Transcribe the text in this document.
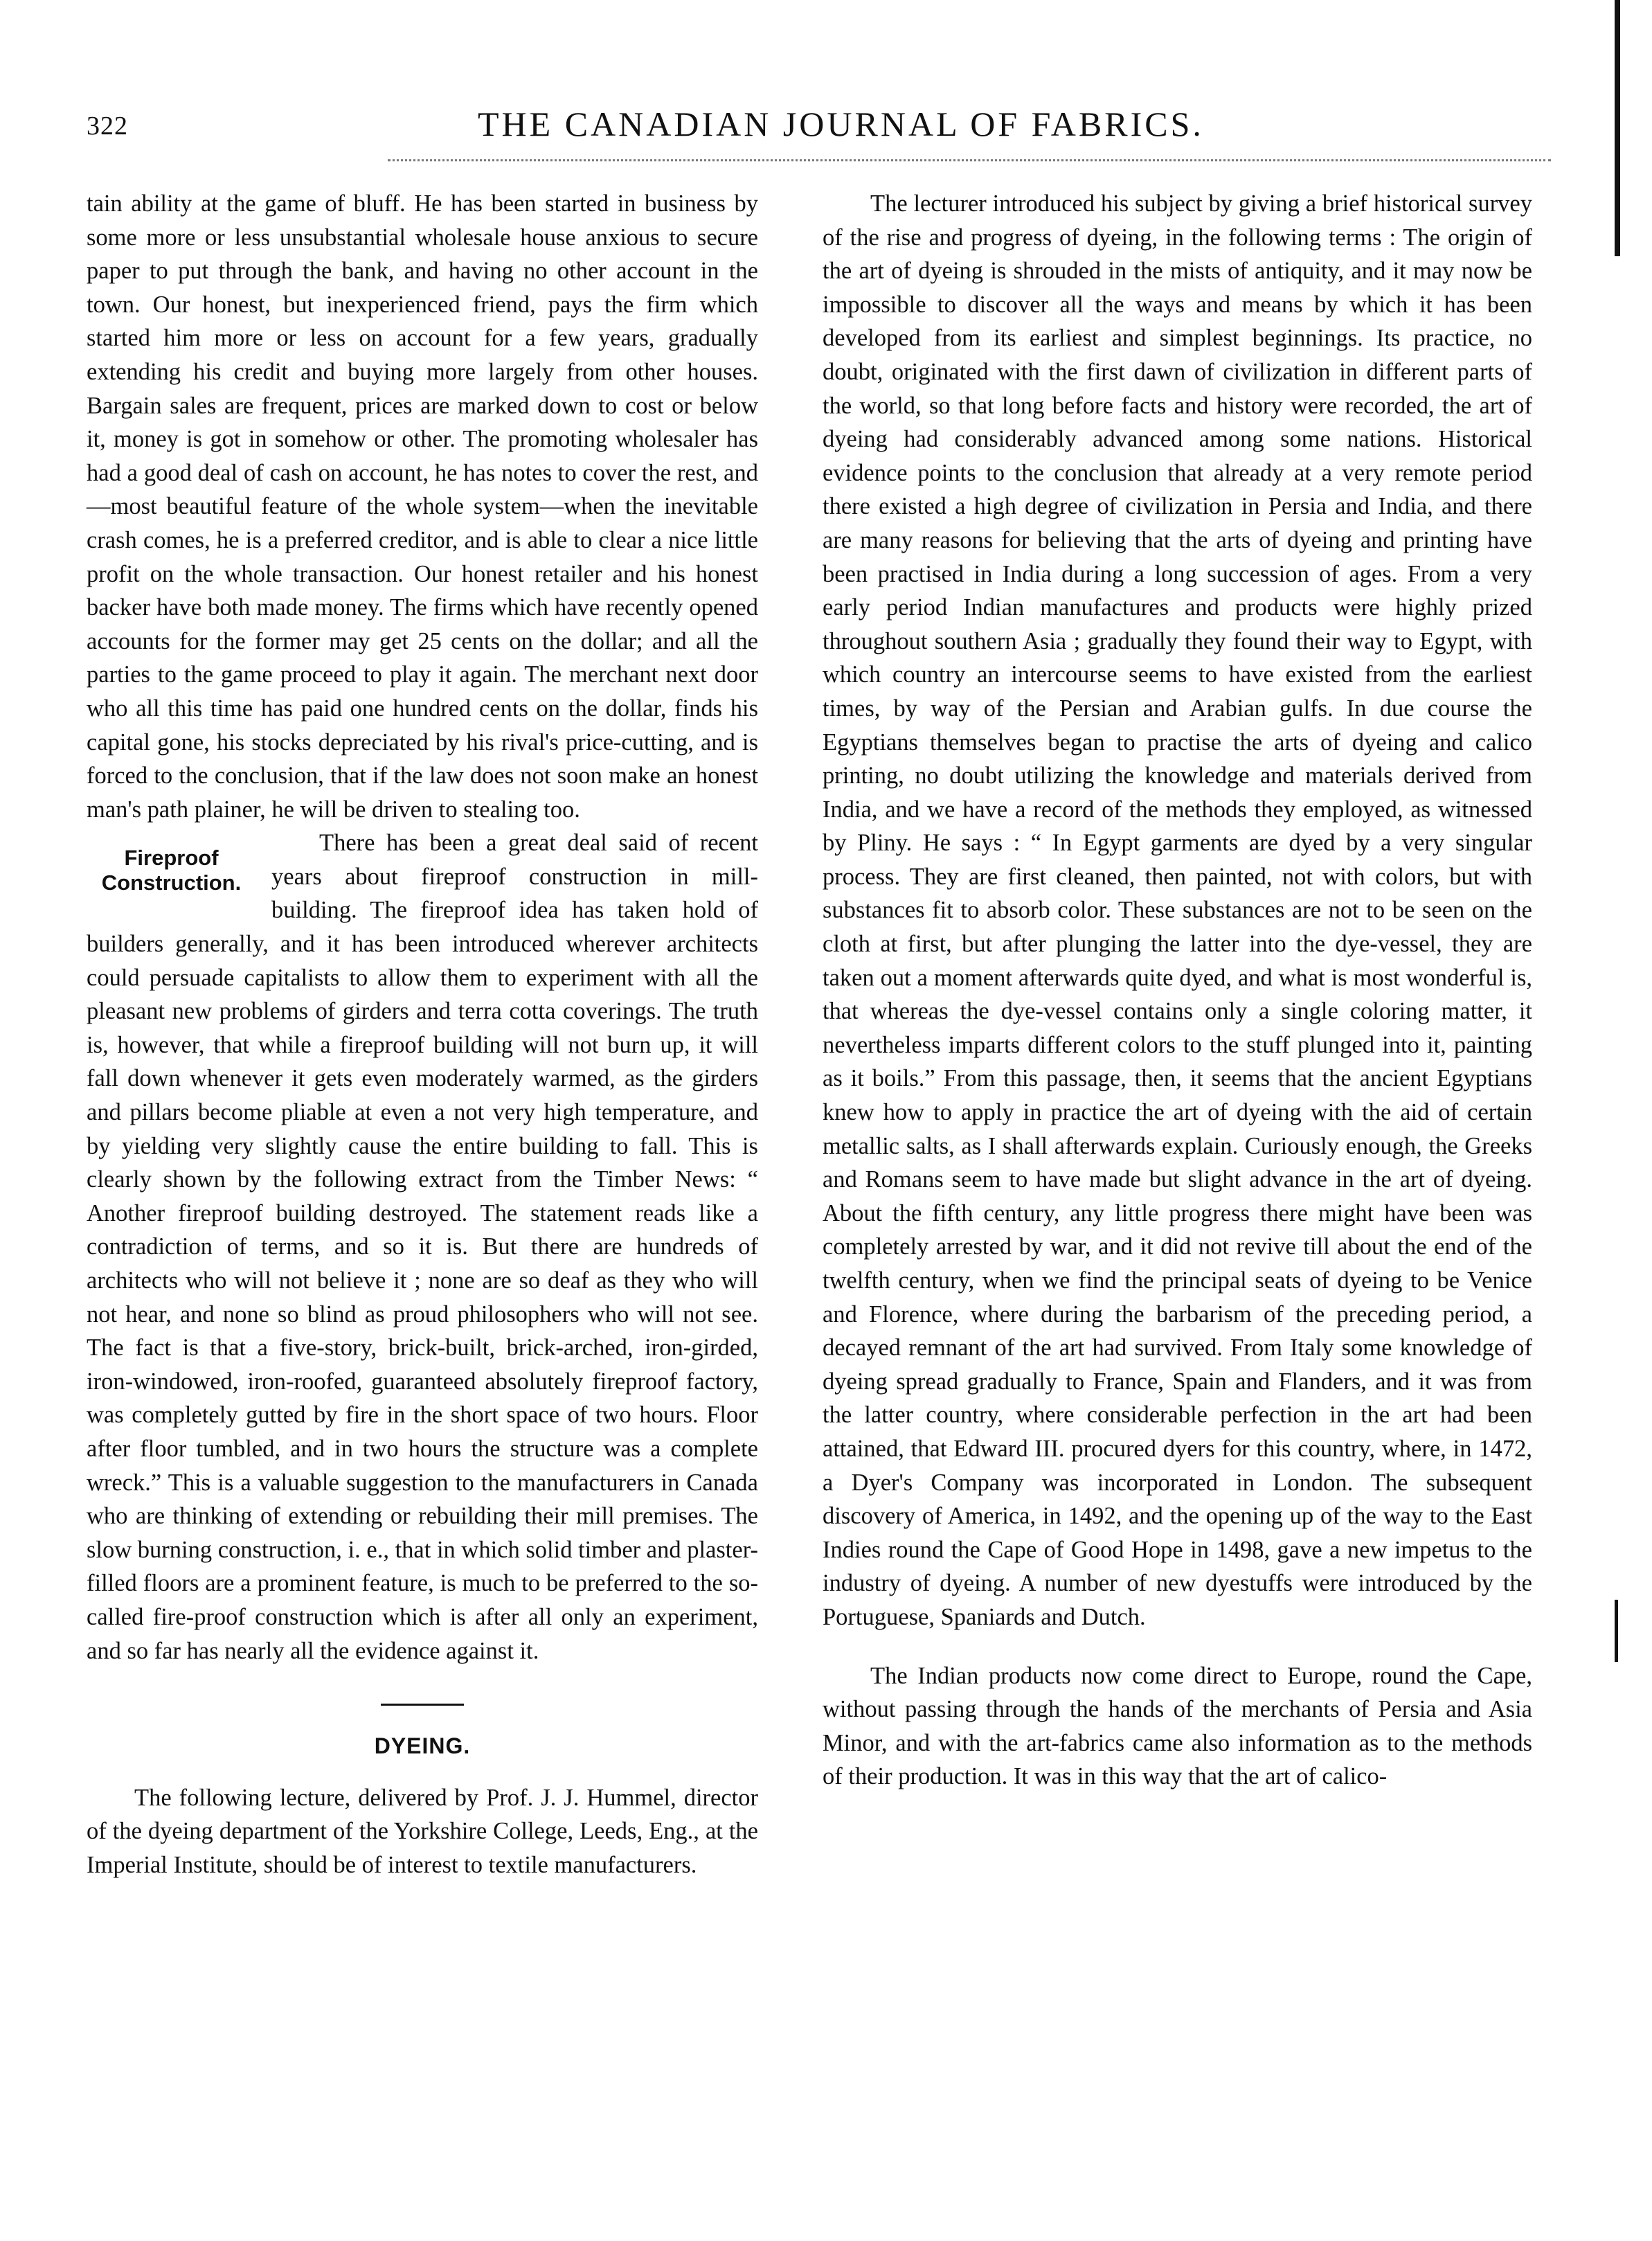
322	THE CANADIAN JOURNAL OF FABRICS.

tain ability at the game of bluff. He has been started in business by some more or less unsubstantial wholesale house anxious to secure paper to put through the bank, and having no other account in the town. Our honest, but inexperienced friend, pays the firm which started him more or less on account for a few years, gradually extending his credit and buying more largely from other houses. Bargain sales are frequent, prices are marked down to cost or below it, money is got in somehow or other. The promoting wholesaler has had a good deal of cash on account, he has notes to cover the rest, and—most beautiful feature of the whole system—when the inevitable crash comes, he is a preferred creditor, and is able to clear a nice little profit on the whole transaction. Our honest retailer and his honest backer have both made money. The firms which have recently opened accounts for the former may get 25 cents on the dollar; and all the parties to the game proceed to play it again. The merchant next door who all this time has paid one hundred cents on the dollar, finds his capital gone, his stocks depreciated by his rival's price-cutting, and is forced to the conclusion, that if the law does not soon make an honest man's path plainer, he will be driven to stealing too.

Fireproof Construction.

There has been a great deal said of recent years about fireproof construction in mill-building. The fireproof idea has taken hold of builders generally, and it has been introduced wherever architects could persuade capitalists to allow them to experiment with all the pleasant new problems of girders and terra cotta coverings. The truth is, however, that while a fireproof building will not burn up, it will fall down whenever it gets even moderately warmed, as the girders and pillars become pliable at even a not very high temperature, and by yielding very slightly cause the entire building to fall. This is clearly shown by the following extract from the Timber News: “ Another fireproof building destroyed. The statement reads like a contradiction of terms, and so it is. But there are hundreds of architects who will not believe it ; none are so deaf as they who will not hear, and none so blind as proud philosophers who will not see. The fact is that a five-story, brick-built, brick-arched, iron-girded, iron-windowed, iron-roofed, guaranteed absolutely fireproof factory, was completely gutted by fire in the short space of two hours. Floor after floor tumbled, and in two hours the structure was a complete wreck.” This is a valuable suggestion to the manufacturers in Canada who are thinking of extending or rebuilding their mill premises. The slow burning construction, i. e., that in which solid timber and plaster-filled floors are a prominent feature, is much to be preferred to the so-called fire-proof construction which is after all only an experiment, and so far has nearly all the evidence against it.

DYEING.

The following lecture, delivered by Prof. J. J. Hummel, director of the dyeing department of the Yorkshire College, Leeds, Eng., at the Imperial Institute, should be of interest to textile manufacturers.

The lecturer introduced his subject by giving a brief historical survey of the rise and progress of dyeing, in the following terms : The origin of the art of dyeing is shrouded in the mists of antiquity, and it may now be impossible to discover all the ways and means by which it has been developed from its earliest and simplest beginnings. Its practice, no doubt, originated with the first dawn of civilization in different parts of the world, so that long before facts and history were recorded, the art of dyeing had considerably advanced among some nations. Historical evidence points to the conclusion that already at a very remote period there existed a high degree of civilization in Persia and India, and there are many reasons for believing that the arts of dyeing and printing have been practised in India during a long succession of ages. From a very early period Indian manufactures and products were highly prized throughout southern Asia ; gradually they found their way to Egypt, with which country an intercourse seems to have existed from the earliest times, by way of the Persian and Arabian gulfs. In due course the Egyptians themselves began to practise the arts of dyeing and calico printing, no doubt utilizing the knowledge and materials derived from India, and we have a record of the methods they employed, as witnessed by Pliny. He says : “ In Egypt garments are dyed by a very singular process. They are first cleaned, then painted, not with colors, but with substances fit to absorb color. These substances are not to be seen on the cloth at first, but after plunging the latter into the dye-vessel, they are taken out a moment afterwards quite dyed, and what is most wonderful is, that whereas the dye-vessel contains only a single coloring matter, it nevertheless imparts different colors to the stuff plunged into it, painting as it boils.” From this passage, then, it seems that the ancient Egyptians knew how to apply in practice the art of dyeing with the aid of certain metallic salts, as I shall afterwards explain. Curiously enough, the Greeks and Romans seem to have made but slight advance in the art of dyeing. About the fifth century, any little progress there might have been was completely arrested by war, and it did not revive till about the end of the twelfth century, when we find the principal seats of dyeing to be Venice and Florence, where during the barbarism of the preceding period, a decayed remnant of the art had survived. From Italy some knowledge of dyeing spread gradually to France, Spain and Flanders, and it was from the latter country, where considerable perfection in the art had been attained, that Edward III. procured dyers for this country, where, in 1472, a Dyer's Company was incorporated in London. The subsequent discovery of America, in 1492, and the opening up of the way to the East Indies round the Cape of Good Hope in 1498, gave a new impetus to the industry of dyeing. A number of new dyestuffs were introduced by the Portuguese, Spaniards and Dutch.

The Indian products now come direct to Europe, round the Cape, without passing through the hands of the merchants of Persia and Asia Minor, and with the art-fabrics came also information as to the methods of their production. It was in this way that the art of calico-
